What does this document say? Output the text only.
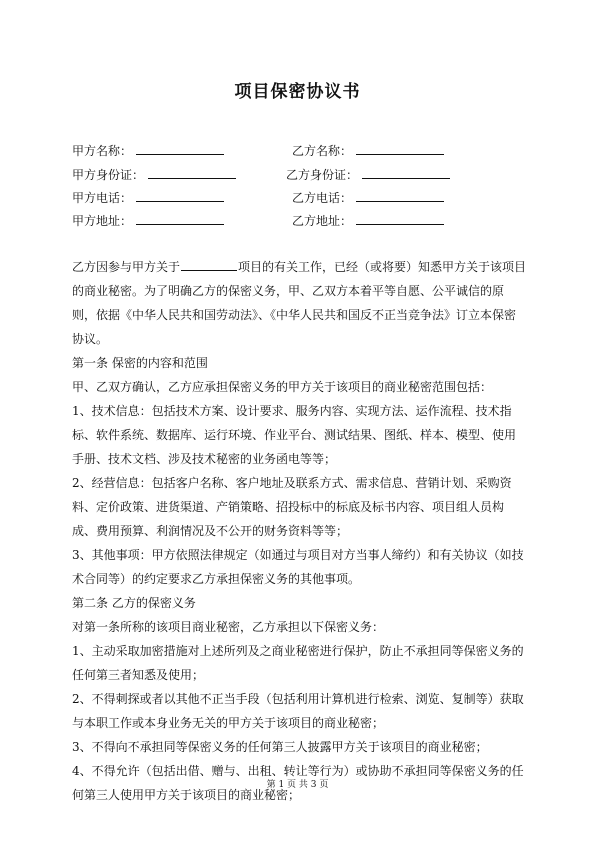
项目保密协议书
甲方名称：	乙方名称：
甲方身份证：	乙方身份证：
甲方电话：	乙方电话：
甲方地址：	乙方地址：

乙方因参与甲方关于	项目的有关工作，已经（或将要）知悉甲方关于该项目的商业秘密。为了明确乙方的保密义务，甲、乙双方本着平等自愿、公平诚信的原则，依据《中华人民共和国劳动法》、《中华人民共和国反不正当竞争法》订立本保密协议。

第一条 保密的内容和范围

甲、乙双方确认，乙方应承担保密义务的甲方关于该项目的商业秘密范围包括：

1、技术信息：包括技术方案、设计要求、服务内容、实现方法、运作流程、技术指标、软件系统、数据库、运行环境、作业平台、测试结果、图纸、样本、模型、使用手册、技术文档、涉及技术秘密的业务函电等等；

2、经营信息：包括客户名称、客户地址及联系方式、需求信息、营销计划、采购资料、定价政策、进货渠道、产销策略、招投标中的标底及标书内容、项目组人员构成、费用预算、利润情况及不公开的财务资料等等；

3、其他事项：甲方依照法律规定（如通过与项目对方当事人缔约）和有关协议（如技术合同等）的约定要求乙方承担保密义务的其他事项。

第二条 乙方的保密义务

对第一条所称的该项目商业秘密，乙方承担以下保密义务：

1、主动采取加密措施对上述所列及之商业秘密进行保护，防止不承担同等保密义务的任何第三者知悉及使用；

2、不得刺探或者以其他不正当手段（包括利用计算机进行检索、浏览、复制等）获取与本职工作或本身业务无关的甲方关于该项目的商业秘密；

3、不得向不承担同等保密义务的任何第三人披露甲方关于该项目的商业秘密；

4、不得允许（包括出借、赠与、出租、转让等行为）或协助不承担同等保密义务的任何第三人使用甲方关于该项目的商业秘密；

第 1 页 共 3 页
